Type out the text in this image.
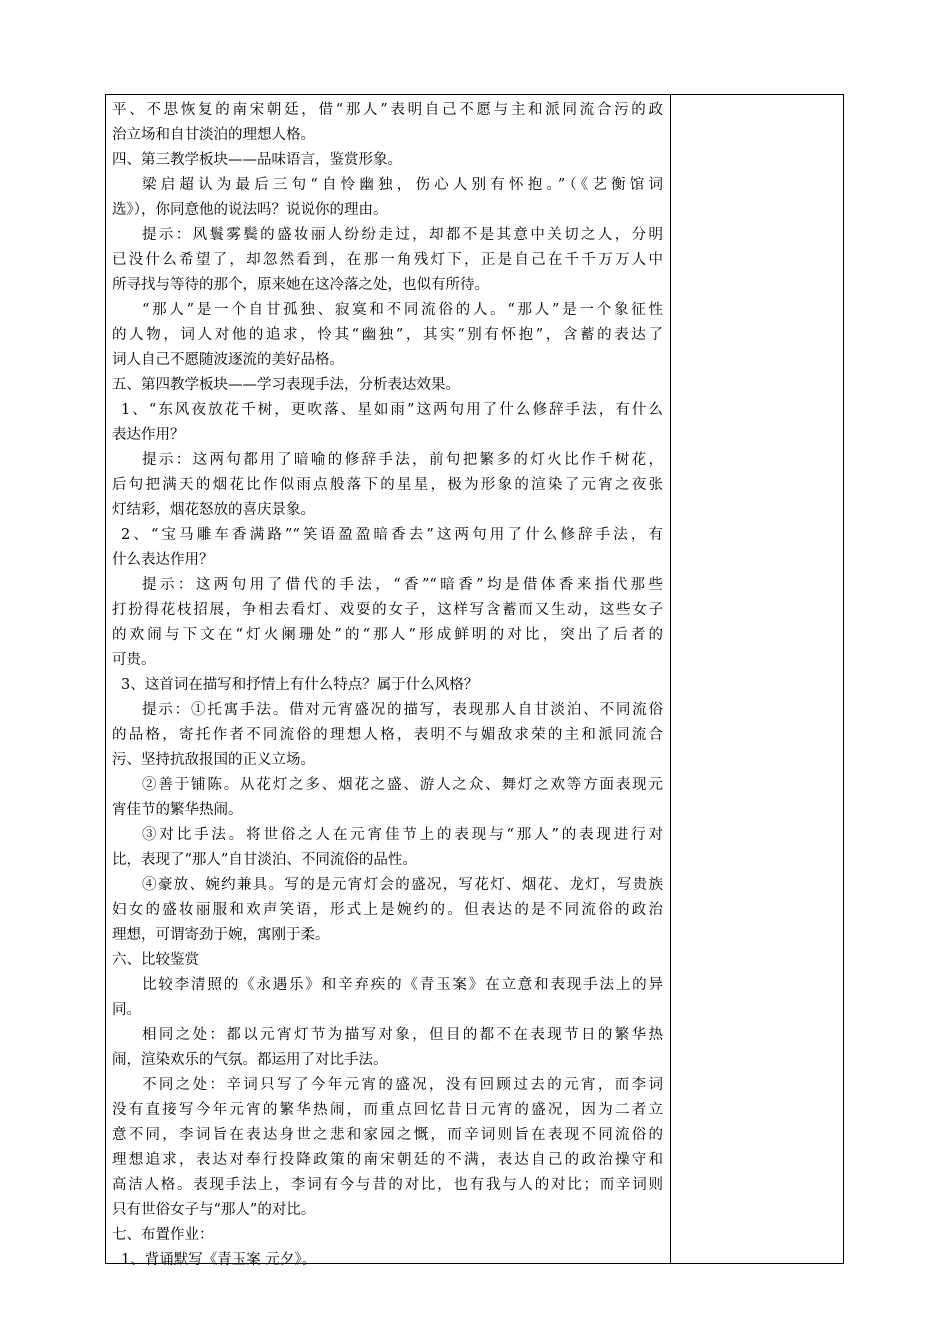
平、不思恢复的南宋朝廷，借“那人”表明自己不愿与主和派同流合污的政
治立场和自甘淡泊的理想人格。
四、第三教学板块——品味语言，鉴赏形象。
梁启超认为最后三句“自怜幽独，伤心人别有怀抱。”（《艺衡馆词
选》），你同意他的说法吗？说说你的理由。
提示：风鬟雾鬓的盛妆丽人纷纷走过，却都不是其意中关切之人，分明
已没什么希望了，却忽然看到，在那一角残灯下，正是自己在千千万万人中
所寻找与等待的那个，原来她在这冷落之处，也似有所待。
“那人”是一个自甘孤独、寂寞和不同流俗的人。“那人”是一个象征性
的人物，词人对他的追求，怜其“幽独”，其实“别有怀抱”，含蓄的表达了
词人自己不愿随波逐流的美好品格。
五、第四教学板块——学习表现手法，分析表达效果。
1、“东风夜放花千树，更吹落、星如雨”这两句用了什么修辞手法，有什么
表达作用？
提示：这两句都用了暗喻的修辞手法，前句把繁多的灯火比作千树花，
后句把满天的烟花比作似雨点般落下的星星，极为形象的渲染了元宵之夜张
灯结彩，烟花怒放的喜庆景象。
2、“宝马雕车香满路”“笑语盈盈暗香去”这两句用了什么修辞手法，有
什么表达作用？
提示：这两句用了借代的手法，“香”“暗香”均是借体香来指代那些
打扮得花枝招展，争相去看灯、戏耍的女子，这样写含蓄而又生动，这些女子
的欢闹与下文在“灯火阑珊处”的“那人”形成鲜明的对比，突出了后者的
可贵。
3、这首词在描写和抒情上有什么特点？属于什么风格？
提示：①托寓手法。借对元宵盛况的描写，表现那人自甘淡泊、不同流俗
的品格，寄托作者不同流俗的理想人格，表明不与媚敌求荣的主和派同流合
污、坚持抗敌报国的正义立场。
②善于铺陈。从花灯之多、烟花之盛、游人之众、舞灯之欢等方面表现元
宵佳节的繁华热闹。
③对比手法。将世俗之人在元宵佳节上的表现与“那人”的表现进行对
比，表现了“那人”自甘淡泊、不同流俗的品性。
④豪放、婉约兼具。写的是元宵灯会的盛况，写花灯、烟花、龙灯，写贵族
妇女的盛妆丽服和欢声笑语，形式上是婉约的。但表达的是不同流俗的政治
理想，可谓寄劲于婉，寓刚于柔。
六、比较鉴赏
比较李清照的《永遇乐》和辛弃疾的《青玉案》在立意和表现手法上的异
同。
相同之处：都以元宵灯节为描写对象，但目的都不在表现节日的繁华热
闹，渲染欢乐的气氛。都运用了对比手法。
不同之处：辛词只写了今年元宵的盛况，没有回顾过去的元宵，而李词
没有直接写今年元宵的繁华热闹，而重点回忆昔日元宵的盛况，因为二者立
意不同，李词旨在表达身世之悲和家园之慨，而辛词则旨在表现不同流俗的
理想追求，表达对奉行投降政策的南宋朝廷的不满，表达自己的政治操守和
高洁人格。表现手法上，李词有今与昔的对比，也有我与人的对比；而辛词则
只有世俗女子与“那人”的对比。
七、布置作业：
1、背诵默写《青玉案 元夕》。
